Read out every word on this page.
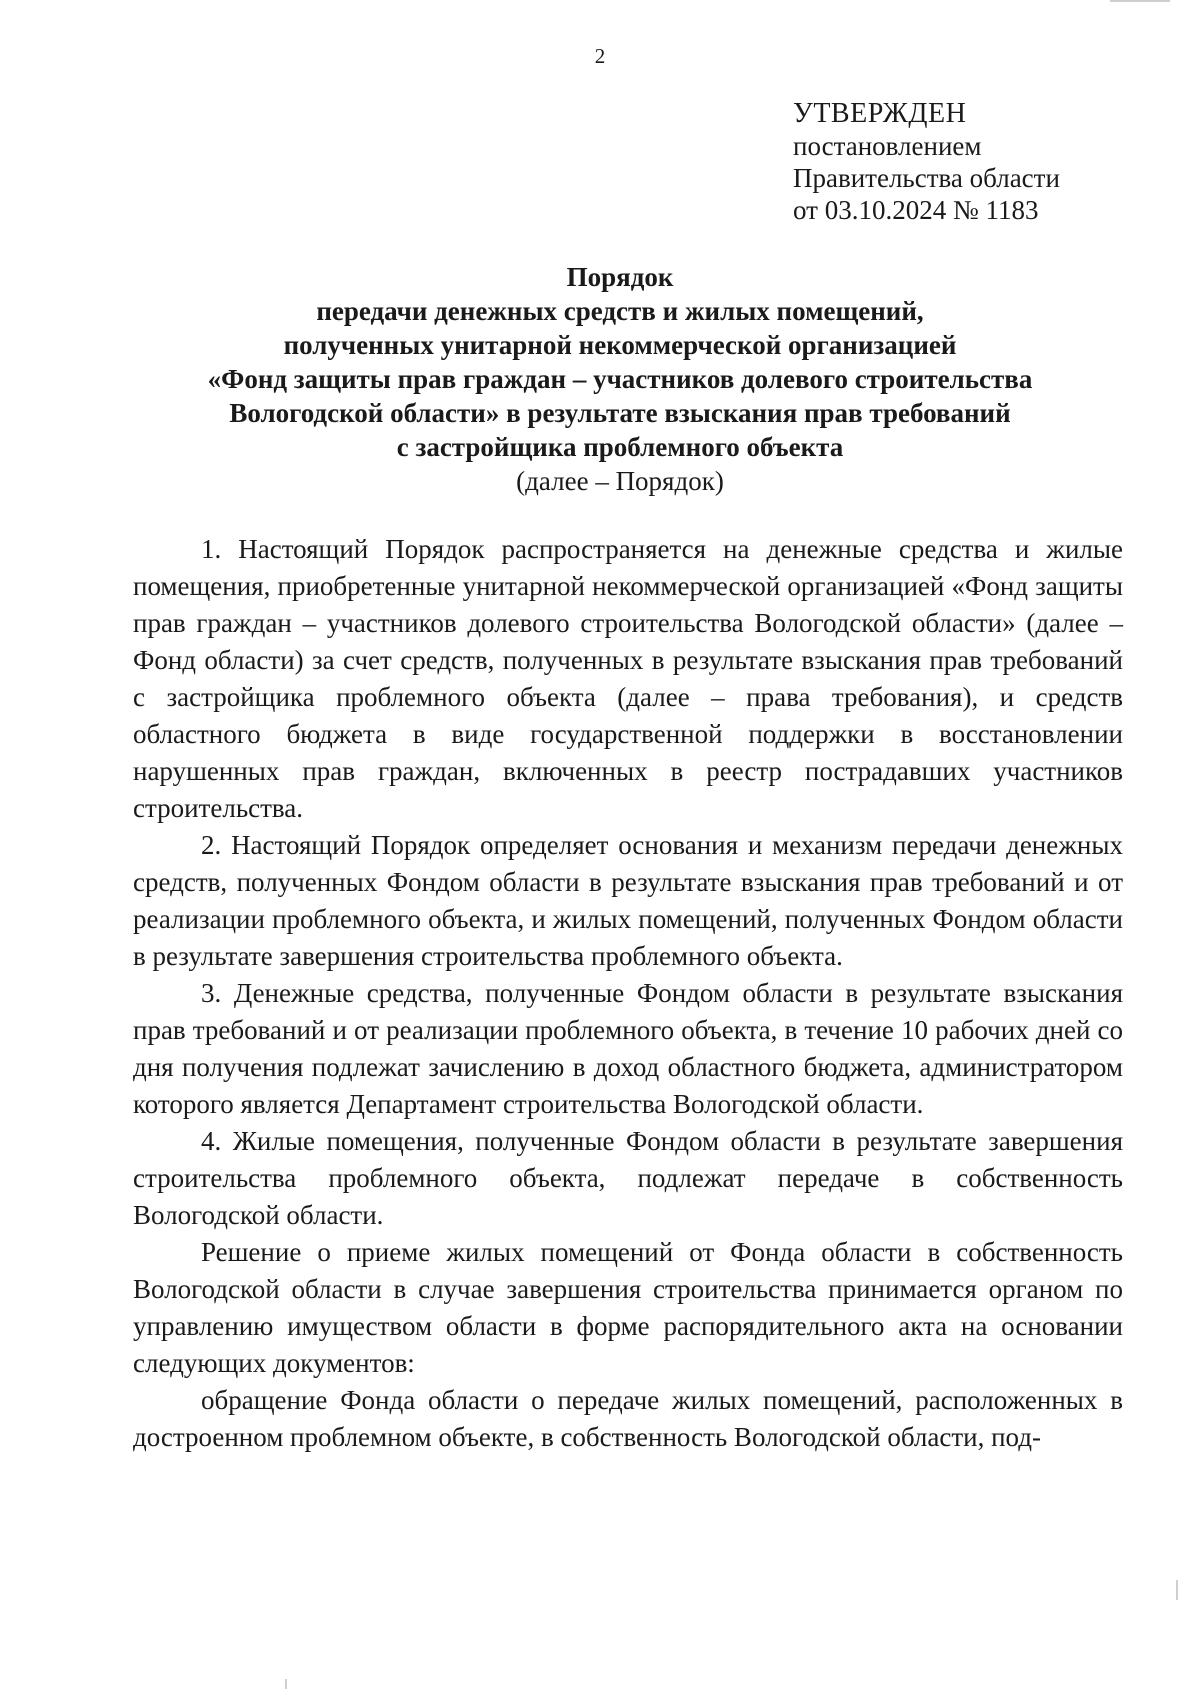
2
УТВЕРЖДЕН
постановлением
Правительства области
от 03.10.2024 № 1183
Порядок
передачи денежных средств и жилых помещений,
полученных унитарной некоммерческой организацией
«Фонд защиты прав граждан – участников долевого строительства
Вологодской области» в результате взыскания прав требований
с застройщика проблемного объекта
(далее – Порядок)

1. Настоящий Порядок распространяется на денежные средства и жилые помещения, приобретенные унитарной некоммерческой организацией «Фонд защиты прав граждан – участников долевого строительства Вологодской области» (далее – Фонд области) за счет средств, полученных в результате взыскания прав требований с застройщика проблемного объекта (далее – права требования), и средств областного бюджета в виде государственной поддержки в восстановлении нарушенных прав граждан, включенных в реестр пострадавших участников строительства.

2. Настоящий Порядок определяет основания и механизм передачи денежных средств, полученных Фондом области в результате взыскания прав требований и от реализации проблемного объекта, и жилых помещений, полученных Фондом области в результате завершения строительства проблемного объекта.

3. Денежные средства, полученные Фондом области в результате взыскания прав требований и от реализации проблемного объекта, в течение 10 рабочих дней со дня получения подлежат зачислению в доход областного бюджета, администратором которого является Департамент строительства Вологодской области.

4. Жилые помещения, полученные Фондом области в результате завершения строительства проблемного объекта, подлежат передаче в собственность Вологодской области.

Решение о приеме жилых помещений от Фонда области в собственность Вологодской области в случае завершения строительства принимается органом по управлению имуществом области в форме распорядительного акта на основании следующих документов:

обращение Фонда области о передаче жилых помещений, расположенных в достроенном проблемном объекте, в собственность Вологодской области, под-
